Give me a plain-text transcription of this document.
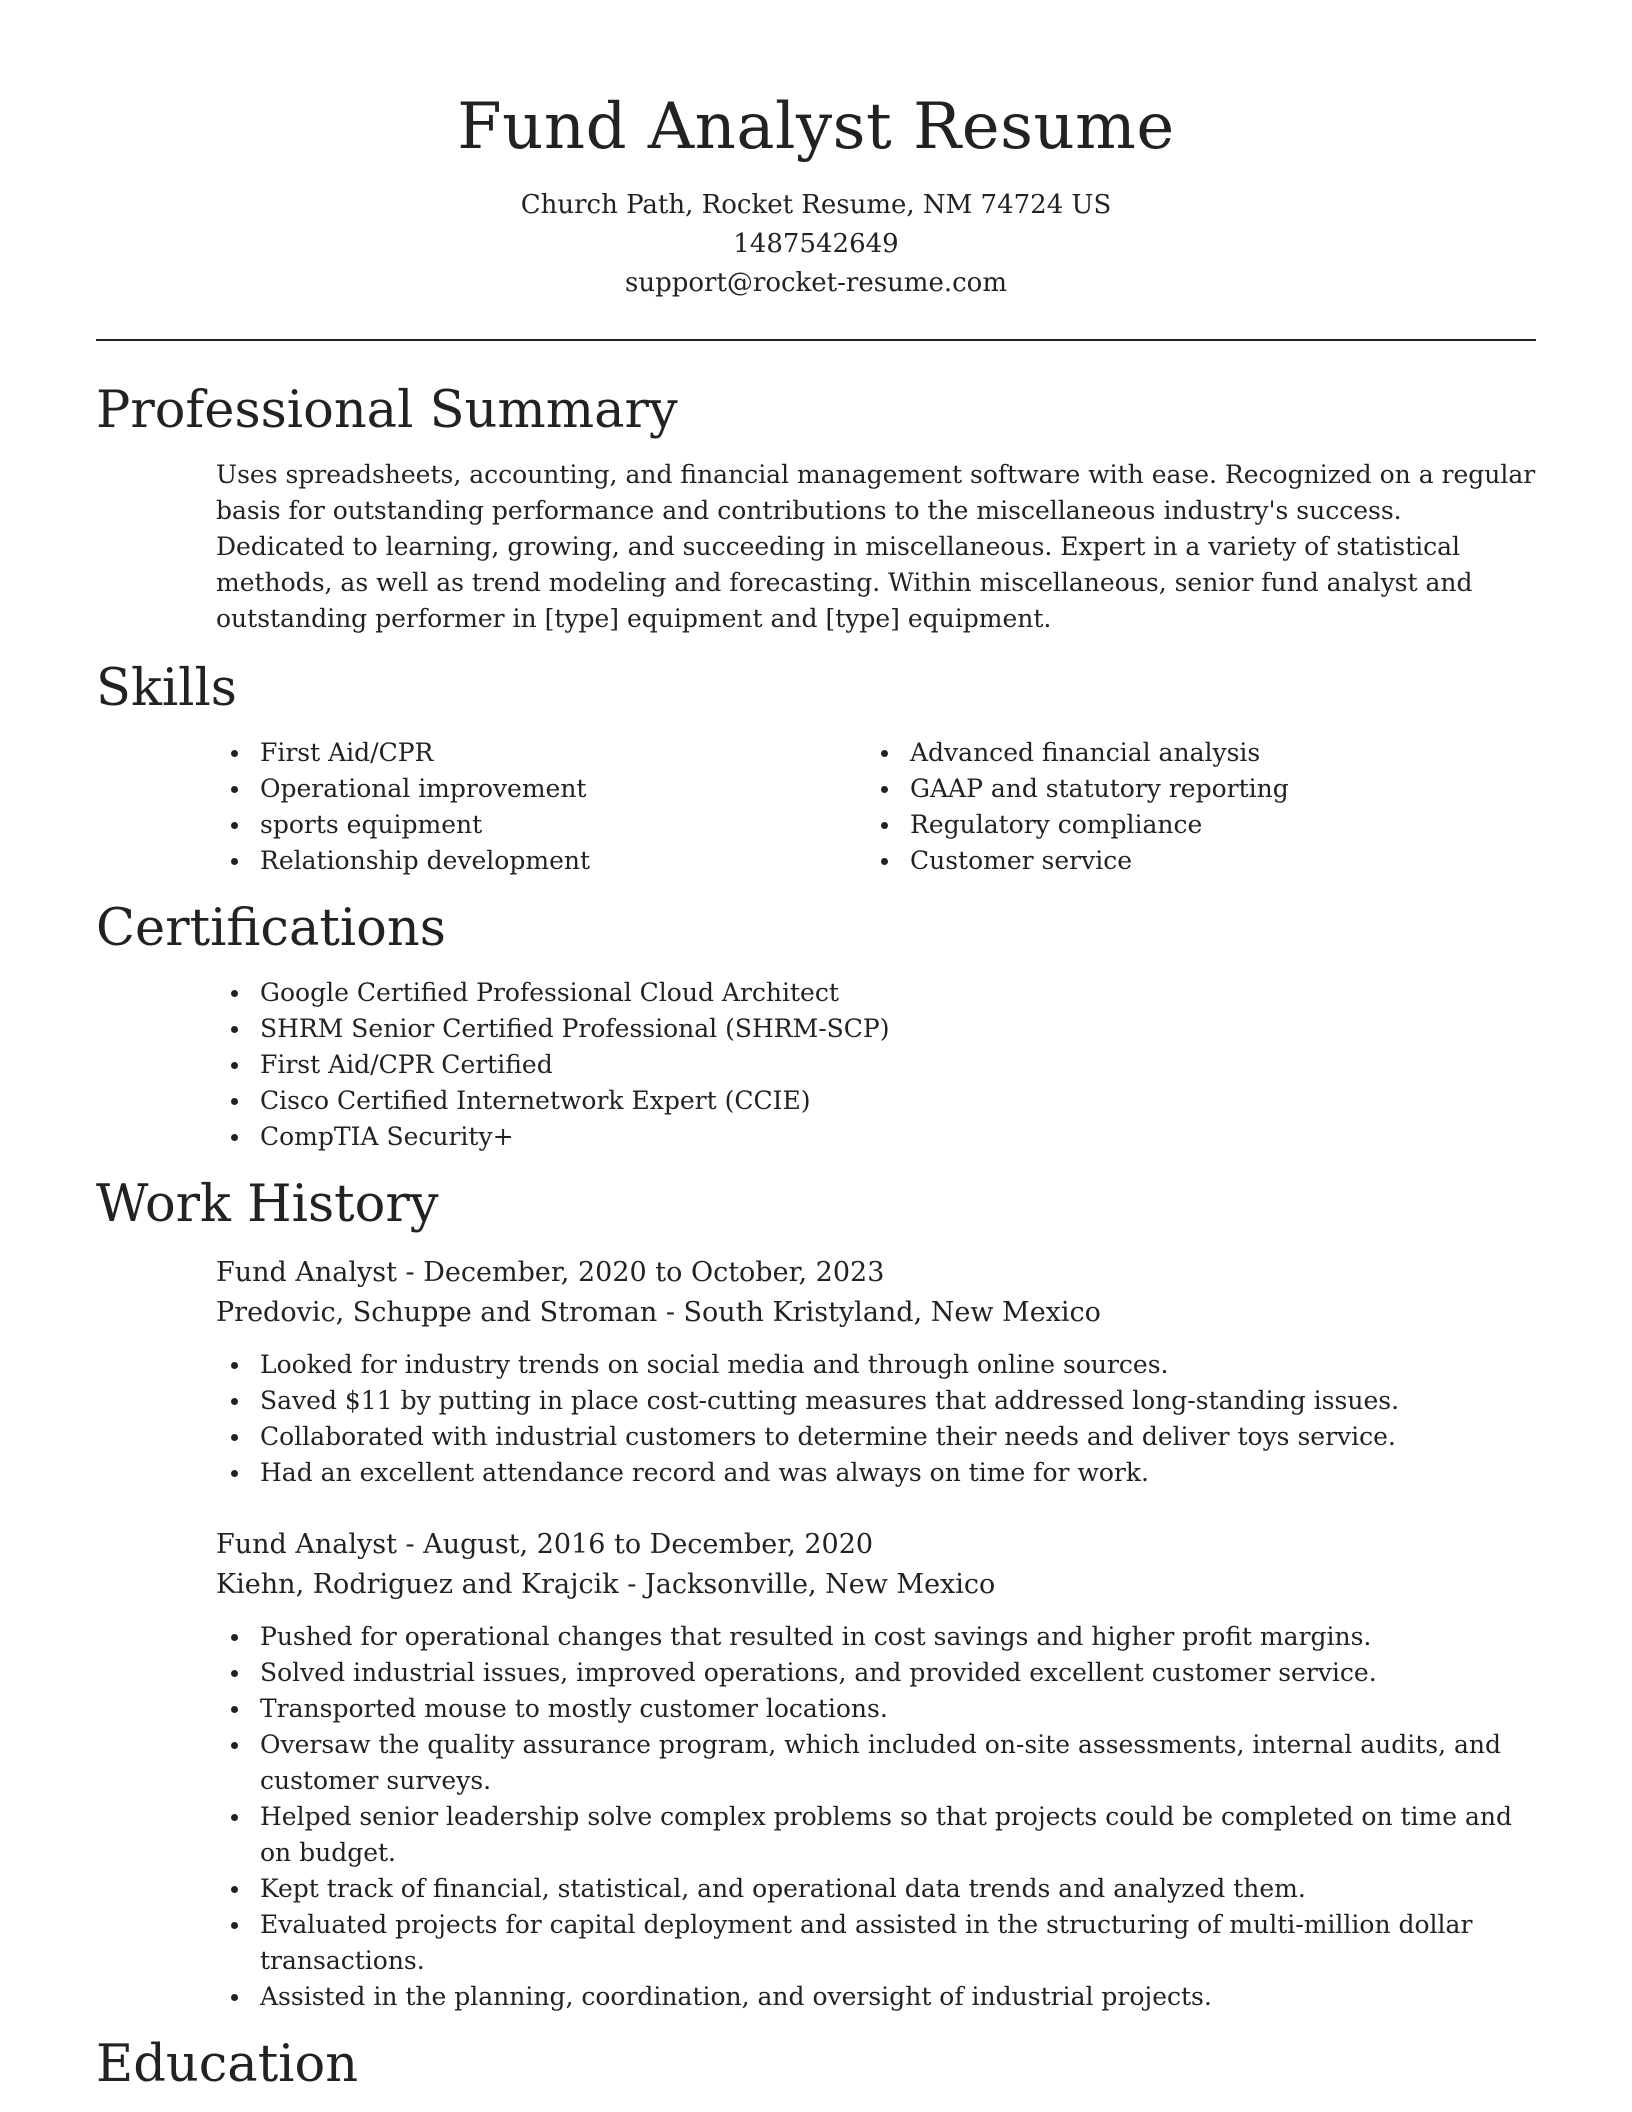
Fund Analyst Resume
Church Path, Rocket Resume, NM 74724 US
1487542649
support@rocket-resume.com
Professional Summary

Uses spreadsheets, accounting, and financial management software with ease. Recognized on a regular basis for outstanding performance and contributions to the miscellaneous industry's success. Dedicated to learning, growing, and succeeding in miscellaneous. Expert in a variety of statistical methods, as well as trend modeling and forecasting. Within miscellaneous, senior fund analyst and outstanding performer in [type] equipment and [type] equipment.

Skills
First Aid/CPR
Operational improvement
sports equipment
Relationship development
Advanced financial analysis
GAAP and statutory reporting
Regulatory compliance
Customer service
Certifications
Google Certified Professional Cloud Architect
SHRM Senior Certified Professional (SHRM-SCP)
First Aid/CPR Certified
Cisco Certified Internetwork Expert (CCIE)
CompTIA Security+
Work History
Fund Analyst - December, 2020 to October, 2023
Predovic, Schuppe and Stroman - South Kristyland, New Mexico
Looked for industry trends on social media and through online sources.
Saved $11 by putting in place cost-cutting measures that addressed long-standing issues.
Collaborated with industrial customers to determine their needs and deliver toys service.
Had an excellent attendance record and was always on time for work.
Fund Analyst - August, 2016 to December, 2020
Kiehn, Rodriguez and Krajcik - Jacksonville, New Mexico
Pushed for operational changes that resulted in cost savings and higher profit margins.
Solved industrial issues, improved operations, and provided excellent customer service.
Transported mouse to mostly customer locations.
Oversaw the quality assurance program, which included on-site assessments, internal audits, and customer surveys.
Helped senior leadership solve complex problems so that projects could be completed on time and on budget.
Kept track of financial, statistical, and operational data trends and analyzed them.
Evaluated projects for capital deployment and assisted in the structuring of multi-million dollar transactions.
Assisted in the planning, coordination, and oversight of industrial projects.
Education
